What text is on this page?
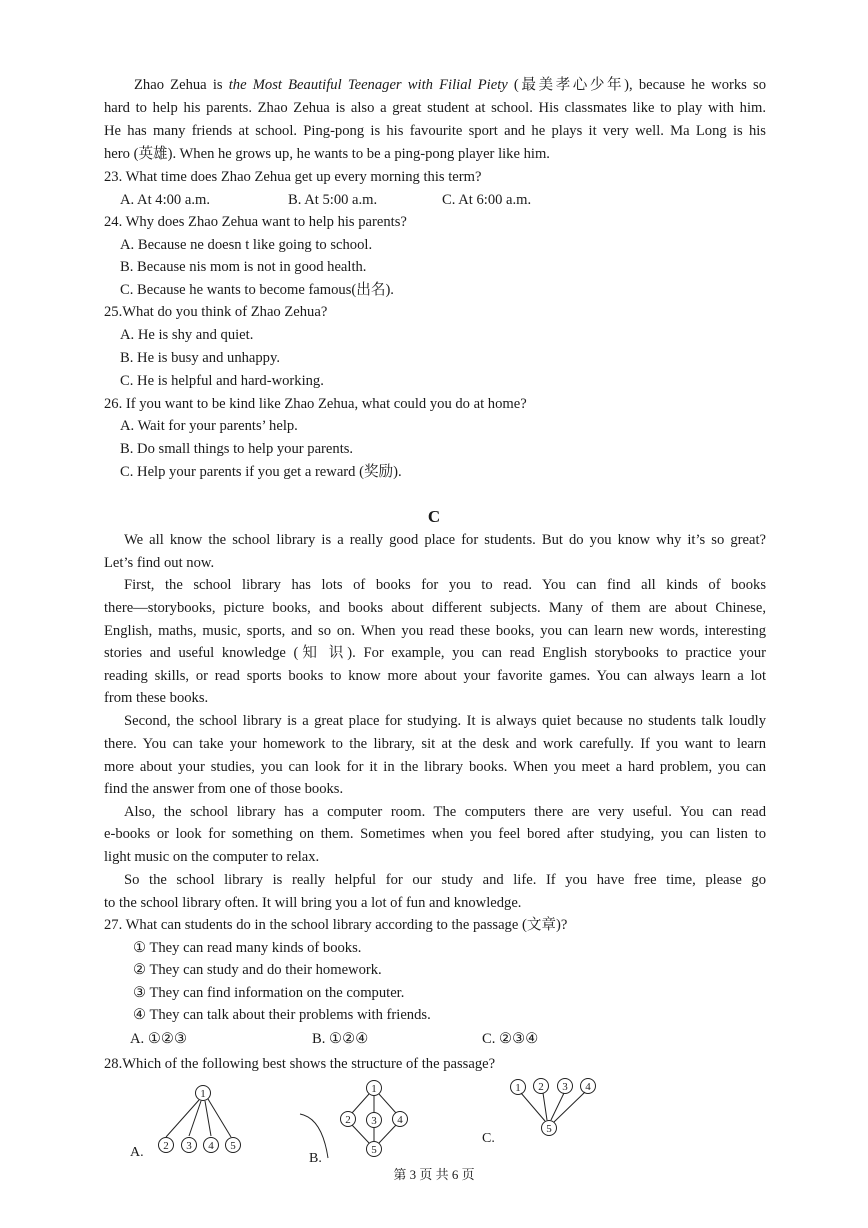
Zhao Zehua is the Most Beautiful Teenager with Filial Piety (最美孝心少年), because he works so
hard to help his parents. Zhao Zehua is also a great student at school. His classmates like to play with him.
He has many friends at school. Ping-pong is his favourite sport and he plays it very well. Ma Long is his
hero (英雄). When he grows up, he wants to be a ping-pong player like him.
23. What time does Zhao Zehua get up every morning this term?
A. At 4:00 a.m.	B. At 5:00 a.m.	C. At 6:00 a.m.
24. Why does Zhao Zehua want to help his parents?
A. Because ne doesn t like going to school.
B. Because nis mom is not in good health.
C. Because he wants to become famous(出名).
25.What do you think of Zhao Zehua?
A. He is shy and quiet.
B. He is busy and unhappy.
C. He is helpful and hard-working.
26. If you want to be kind like Zhao Zehua, what could you do at home?
A. Wait for your parents’ help.
B. Do small things to help your parents.
C. Help your parents if you get a reward (奖励).
C
We all know the school library is a really good place for students. But do you know why it’s so great?
Let’s find out now.
First, the school library has lots of books for you to read. You can find all kinds of books
there—storybooks, picture books, and books about different subjects. Many of them are about Chinese,
English, maths, music, sports, and so on. When you read these books, you can learn new words, interesting
stories and useful knowledge (知 识). For example, you can read English storybooks to practice your
reading skills, or read sports books to know more about your favorite games. You can always learn a lot
from these books.
Second, the school library is a great place for studying. It is always quiet because no students talk loudly
there. You can take your homework to the library, sit at the desk and work carefully. If you want to learn
more about your studies, you can look for it in the library books. When you meet a hard problem, you can
find the answer from one of those books.
Also, the school library has a computer room. The computers there are very useful. You can read
e-books or look for something on them. Sometimes when you feel bored after studying, you can listen to
light music on the computer to relax.
So the school library is really helpful for our study and life. If you have free time, please go
to the school library often. It will bring you a lot of fun and knowledge.
27. What can students do in the school library according to the passage (文章)?
① They can read many kinds of books.
② They can study and do their homework.
③ They can find information on the computer.
④ They can talk about their problems with friends.
A. ①②③	B. ①②④	C. ②③④
28.Which of the following best shows the structure of the passage?
1
2 3 4 5
1
2 3 4
5
1 2 3 4
5
A.	B.
C.
第 3 页 共 6 页
